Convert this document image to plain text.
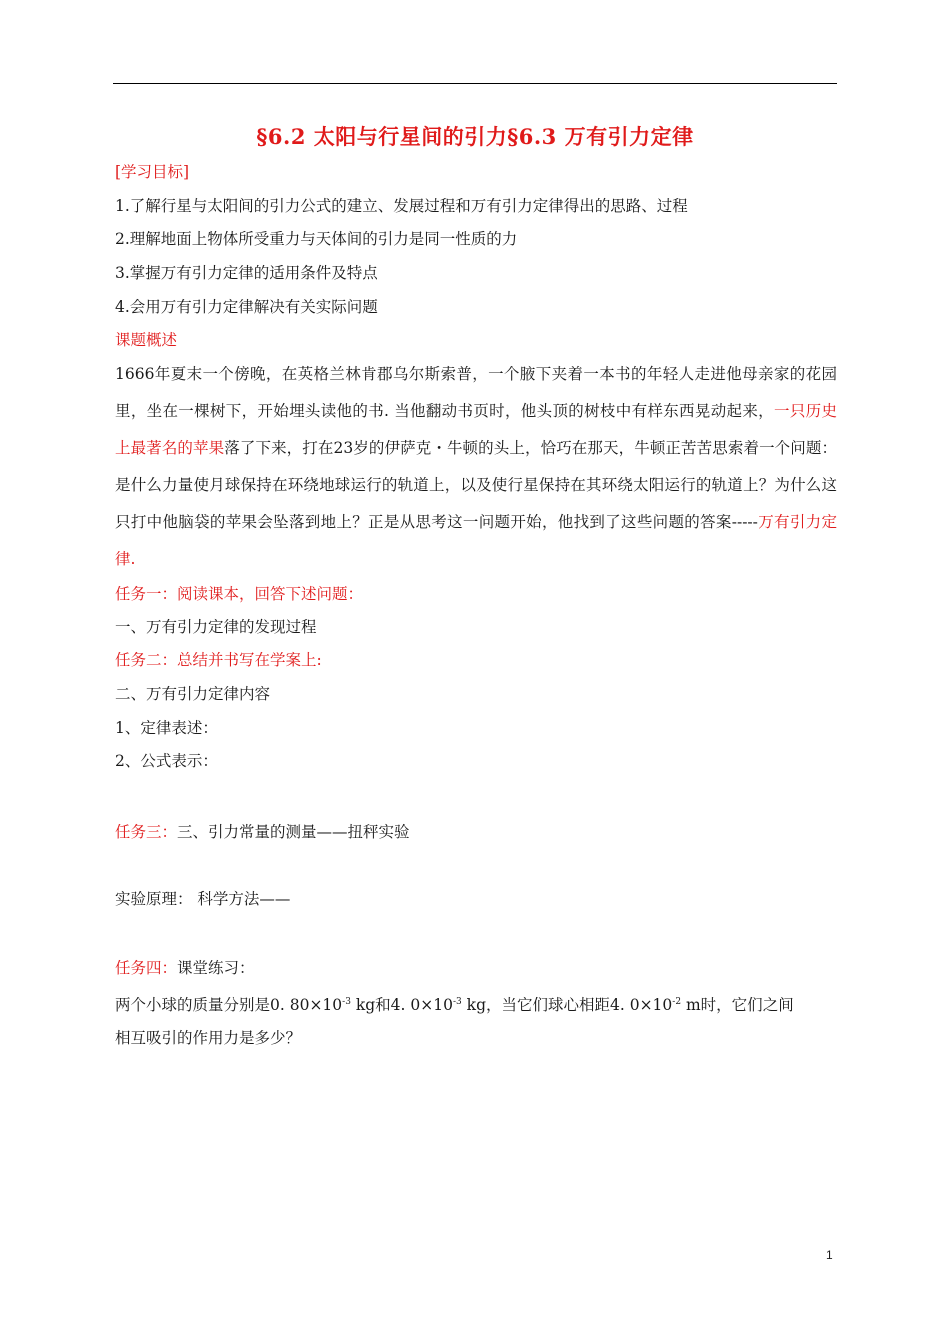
§6.2 太阳与行星间的引力§6.3 万有引力定律
[学习目标]
1.了解行星与太阳间的引力公式的建立、发展过程和万有引力定律得出的思路、过程
2.理解地面上物体所受重力与天体间的引力是同一性质的力
3.掌握万有引力定律的适用条件及特点
4.会用万有引力定律解决有关实际问题
课题概述
1666年夏末一个傍晚，在英格兰林肯郡乌尔斯索普，一个腋下夹着一本书的年轻人走进他母亲家的花园里，坐在一棵树下，开始埋头读他的书. 当他翻动书页时，他头顶的树枝中有样东西晃动起来，一只历史上最著名的苹果落了下来，打在23岁的伊萨克・牛顿的头上，恰巧在那天，牛顿正苦苦思索着一个问题：是什么力量使月球保持在环绕地球运行的轨道上，以及使行星保持在其环绕太阳运行的轨道上？为什么这只打中他脑袋的苹果会坠落到地上？正是从思考这一问题开始，他找到了这些问题的答案-----万有引力定律.
任务一：阅读课本，回答下述问题：
一、万有引力定律的发现过程
任务二：总结并书写在学案上:
二、万有引力定律内容
1、定律表述：
2、公式表示：
任务三：三、引力常量的测量——扭秤实验
实验原理： 科学方法——
任务四：课堂练习：
两个小球的质量分别是0. $80\times 10^{-3}$ kg和4. $0\times 10^{-3}$ kg，当它们球心相距4. $0\times 10^{-2}$ m时，它们之间
相互吸引的作用力是多少？
1
